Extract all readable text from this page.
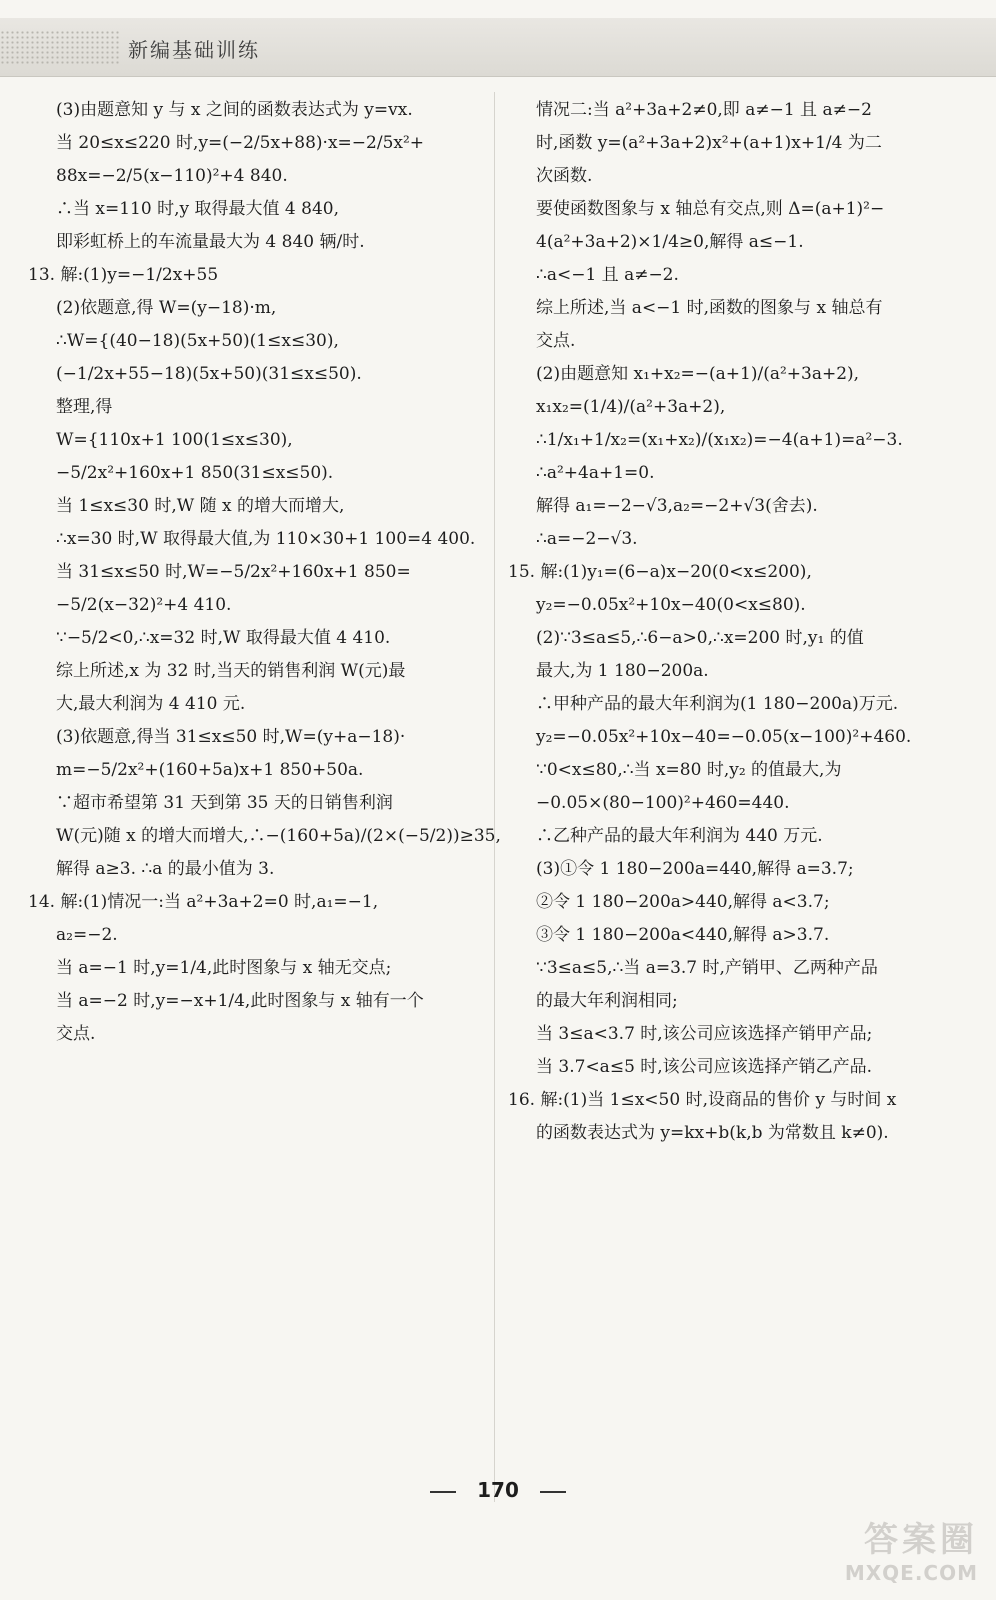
新编基础训练
(3)由题意知 y 与 x 之间的函数表达式为 y=vx.
当 20≤x≤220 时,y=(−2/5x+88)·x=−2/5x²+
88x=−2/5(x−110)²+4 840.
∴当 x=110 时,y 取得最大值 4 840,
即彩虹桥上的车流量最大为 4 840 辆/时.
13. 解:(1)y=−1/2x+55
(2)依题意,得 W=(y−18)·m,
∴W={(40−18)(5x+50)(1≤x≤30),
(−1/2x+55−18)(5x+50)(31≤x≤50).
整理,得
W={110x+1 100(1≤x≤30),
−5/2x²+160x+1 850(31≤x≤50).
当 1≤x≤30 时,W 随 x 的增大而增大,
∴x=30 时,W 取得最大值,为 110×30+1 100=4 400.
当 31≤x≤50 时,W=−5/2x²+160x+1 850=
−5/2(x−32)²+4 410.
∵−5/2<0,∴x=32 时,W 取得最大值 4 410.
综上所述,x 为 32 时,当天的销售利润 W(元)最
大,最大利润为 4 410 元.
(3)依题意,得当 31≤x≤50 时,W=(y+a−18)·
m=−5/2x²+(160+5a)x+1 850+50a.
∵超市希望第 31 天到第 35 天的日销售利润
W(元)随 x 的增大而增大,∴−(160+5a)/(2×(−5/2))≥35,
解得 a≥3. ∴a 的最小值为 3.
14. 解:(1)情况一:当 a²+3a+2=0 时,a₁=−1,
a₂=−2.
当 a=−1 时,y=1/4,此时图象与 x 轴无交点;
当 a=−2 时,y=−x+1/4,此时图象与 x 轴有一个
交点.
情况二:当 a²+3a+2≠0,即 a≠−1 且 a≠−2
时,函数 y=(a²+3a+2)x²+(a+1)x+1/4 为二
次函数.
要使函数图象与 x 轴总有交点,则 Δ=(a+1)²−
4(a²+3a+2)×1/4≥0,解得 a≤−1.
∴a<−1 且 a≠−2.
综上所述,当 a<−1 时,函数的图象与 x 轴总有
交点.
(2)由题意知 x₁+x₂=−(a+1)/(a²+3a+2),
x₁x₂=(1/4)/(a²+3a+2),
∴1/x₁+1/x₂=(x₁+x₂)/(x₁x₂)=−4(a+1)=a²−3.
∴a²+4a+1=0.
解得 a₁=−2−√3,a₂=−2+√3(舍去).
∴a=−2−√3.
15. 解:(1)y₁=(6−a)x−20(0<x≤200),
y₂=−0.05x²+10x−40(0<x≤80).
(2)∵3≤a≤5,∴6−a>0,∴x=200 时,y₁ 的值
最大,为 1 180−200a.
∴甲种产品的最大年利润为(1 180−200a)万元.
y₂=−0.05x²+10x−40=−0.05(x−100)²+460.
∵0<x≤80,∴当 x=80 时,y₂ 的值最大,为
−0.05×(80−100)²+460=440.
∴乙种产品的最大年利润为 440 万元.
(3)①令 1 180−200a=440,解得 a=3.7;
②令 1 180−200a>440,解得 a<3.7;
③令 1 180−200a<440,解得 a>3.7.
∵3≤a≤5,∴当 a=3.7 时,产销甲、乙两种产品
的最大年利润相同;
当 3≤a<3.7 时,该公司应该选择产销甲产品;
当 3.7<a≤5 时,该公司应该选择产销乙产品.
16. 解:(1)当 1≤x<50 时,设商品的售价 y 与时间 x
的函数表达式为 y=kx+b(k,b 为常数且 k≠0).
170
答案圈
MXQE.COM
